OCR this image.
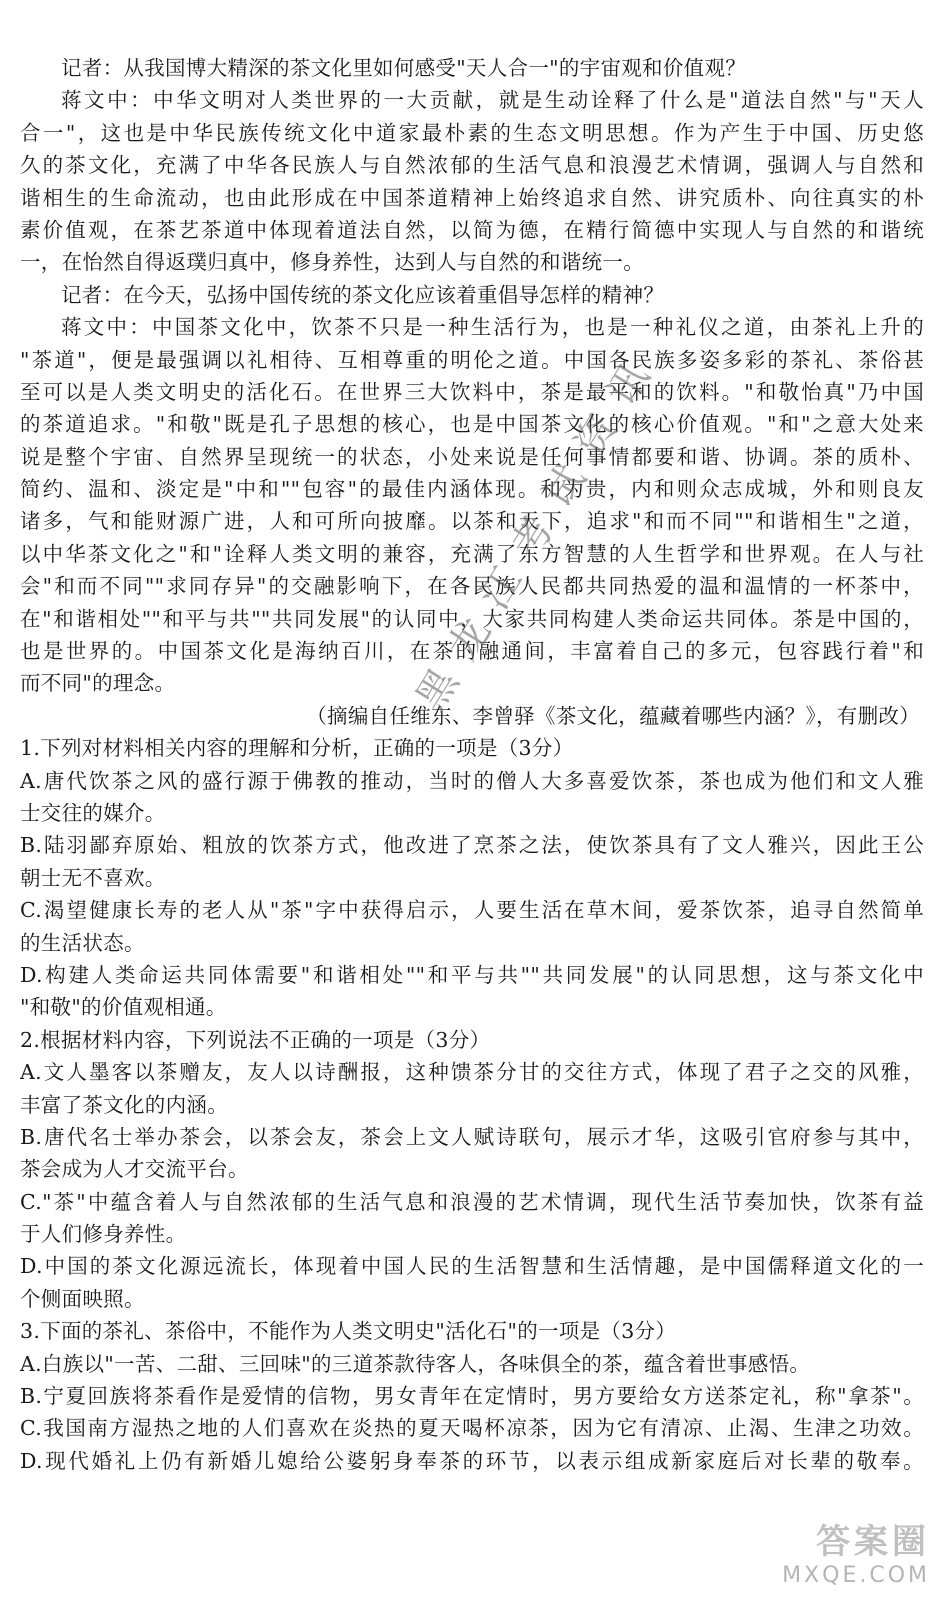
记者：从我国博大精深的茶文化里如何感受"天人合一"的宇宙观和价值观？
蒋文中：中华文明对人类世界的一大贡献，就是生动诠释了什么是"道法自然"与"天人
合一"，这也是中华民族传统文化中道家最朴素的生态文明思想。作为产生于中国、历史悠
久的茶文化，充满了中华各民族人与自然浓郁的生活气息和浪漫艺术情调，强调人与自然和
谐相生的生命流动，也由此形成在中国茶道精神上始终追求自然、讲究质朴、向往真实的朴
素价值观，在茶艺茶道中体现着道法自然，以简为德，在精行简德中实现人与自然的和谐统
一，在怡然自得返璞归真中，修身养性，达到人与自然的和谐统一。
记者：在今天，弘扬中国传统的茶文化应该着重倡导怎样的精神？
蒋文中：中国茶文化中，饮茶不只是一种生活行为，也是一种礼仪之道，由茶礼上升的
"茶道"，便是最强调以礼相待、互相尊重的明伦之道。中国各民族多姿多彩的茶礼、茶俗甚
至可以是人类文明史的活化石。在世界三大饮料中，茶是最平和的饮料。"和敬怡真"乃中国
的茶道追求。"和敬"既是孔子思想的核心，也是中国茶文化的核心价值观。"和"之意大处来
说是整个宇宙、自然界呈现统一的状态，小处来说是任何事情都要和谐、协调。茶的质朴、
简约、温和、淡定是"中和""包容"的最佳内涵体现。和为贵，内和则众志成城，外和则良友
诸多，气和能财源广进，人和可所向披靡。以茶和天下，追求"和而不同""和谐相生"之道，
以中华茶文化之"和"诠释人类文明的兼容，充满了东方智慧的人生哲学和世界观。在人与社
会"和而不同""求同存异"的交融影响下，在各民族人民都共同热爱的温和温情的一杯茶中，
在"和谐相处""和平与共""共同发展"的认同中，大家共同构建人类命运共同体。茶是中国的，
也是世界的。中国茶文化是海纳百川，在茶的融通间，丰富着自己的多元，包容践行着"和
而不同"的理念。
（摘编自任维东、李曾驿《茶文化，蕴藏着哪些内涵？》，有删改）
1.下列对材料相关内容的理解和分析，正确的一项是（3分）
A.唐代饮茶之风的盛行源于佛教的推动，当时的僧人大多喜爱饮茶，茶也成为他们和文人雅
士交往的媒介。
B.陆羽鄙弃原始、粗放的饮茶方式，他改进了烹茶之法，使饮茶具有了文人雅兴，因此王公
朝士无不喜欢。
C.渴望健康长寿的老人从"茶"字中获得启示，人要生活在草木间，爱茶饮茶，追寻自然简单
的生活状态。
D.构建人类命运共同体需要"和谐相处""和平与共""共同发展"的认同思想，这与茶文化中
"和敬"的价值观相通。
2.根据材料内容，下列说法不正确的一项是（3分）
A.文人墨客以茶赠友，友人以诗酬报，这种馈茶分甘的交往方式，体现了君子之交的风雅，
丰富了茶文化的内涵。
B.唐代名士举办茶会，以茶会友，茶会上文人赋诗联句，展示才华，这吸引官府参与其中，
茶会成为人才交流平台。
C."茶"中蕴含着人与自然浓郁的生活气息和浪漫的艺术情调，现代生活节奏加快，饮茶有益
于人们修身养性。
D.中国的茶文化源远流长，体现着中国人民的生活智慧和生活情趣，是中国儒释道文化的一
个侧面映照。
3.下面的茶礼、茶俗中，不能作为人类文明史"活化石"的一项是（3分）
A.白族以"一苦、二甜、三回味"的三道茶款待客人，各味俱全的茶，蕴含着世事感悟。
B.宁夏回族将茶看作是爱情的信物，男女青年在定情时，男方要给女方送茶定礼，称"拿茶"。
C.我国南方湿热之地的人们喜欢在炎热的夏天喝杯凉茶，因为它有清凉、止渴、生津之功效。
D.现代婚礼上仍有新婚儿媳给公婆躬身奉茶的环节，以表示组成新家庭后对长辈的敬奉。
黑龙江考试资讯
答案圈
MXQE.COM
